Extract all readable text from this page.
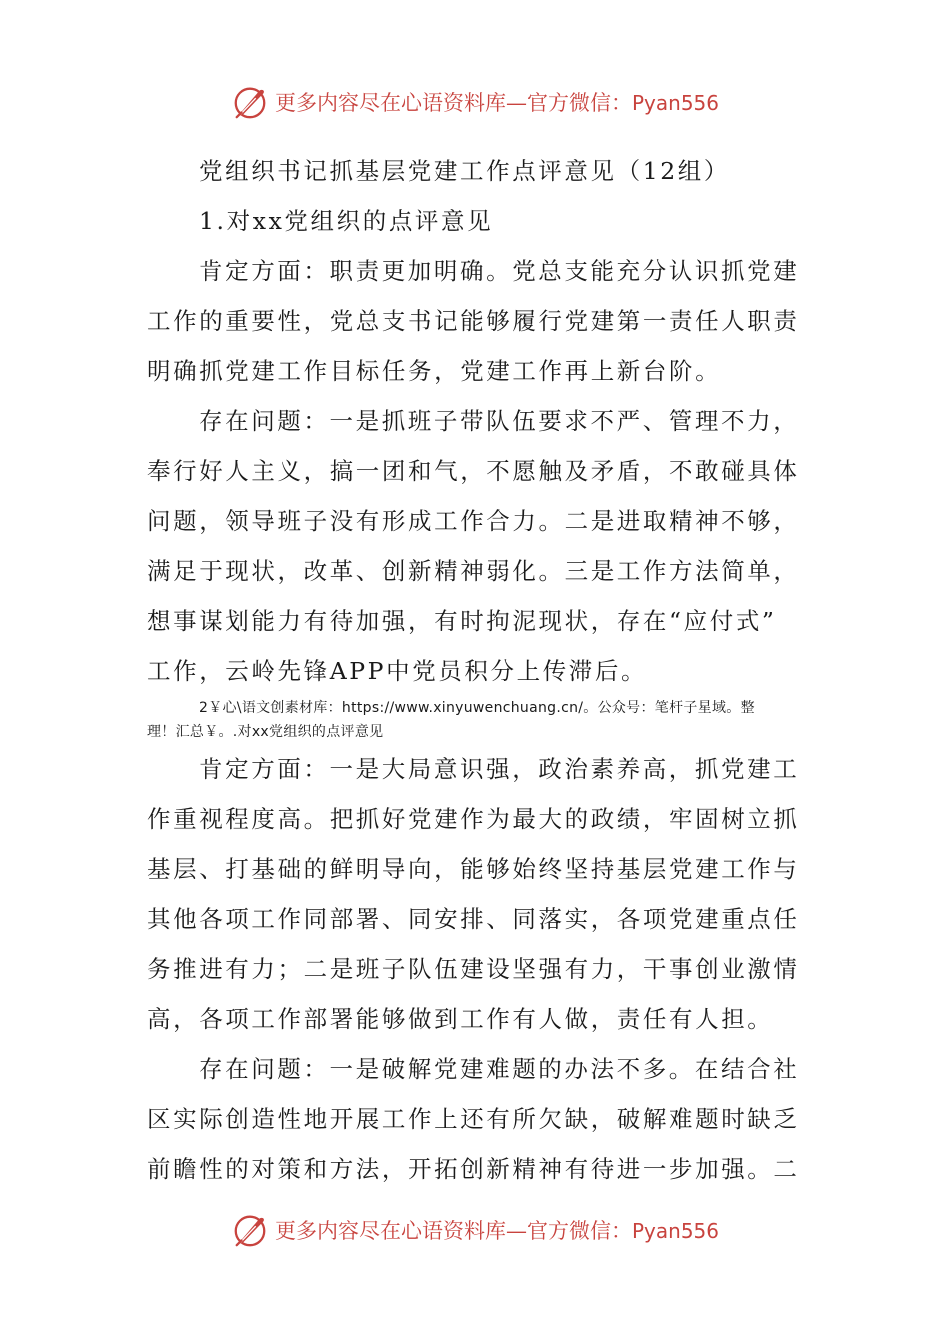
更多内容尽在心语资料库—官方微信：Pyan556
党组织书记抓基层党建工作点评意见（12组）
1.对xx党组织的点评意见
肯定方面：职责更加明确。党总支能充分认识抓党建
工作的重要性，党总支书记能够履行党建第一责任人职责
明确抓党建工作目标任务，党建工作再上新台阶。
存在问题：一是抓班子带队伍要求不严、管理不力，
奉行好人主义，搞一团和气，不愿触及矛盾，不敢碰具体
问题，领导班子没有形成工作合力。二是进取精神不够，
满足于现状，改革、创新精神弱化。三是工作方法简单，
想事谋划能力有待加强，有时拘泥现状，存在“应付式”
工作，云岭先锋APP中党员积分上传滞后。
2￥心\语文创素材库：https://www.xinyuwenchuang.cn/。公众号：笔杆子星域。整
理！汇总￥。.对xx党组织的点评意见
肯定方面：一是大局意识强，政治素养高，抓党建工
作重视程度高。把抓好党建作为最大的政绩，牢固树立抓
基层、打基础的鲜明导向，能够始终坚持基层党建工作与
其他各项工作同部署、同安排、同落实，各项党建重点任
务推进有力；二是班子队伍建设坚强有力，干事创业激情
高，各项工作部署能够做到工作有人做，责任有人担。
存在问题：一是破解党建难题的办法不多。在结合社
区实际创造性地开展工作上还有所欠缺，破解难题时缺乏
前瞻性的对策和方法，开拓创新精神有待进一步加强。二
更多内容尽在心语资料库—官方微信：Pyan556
